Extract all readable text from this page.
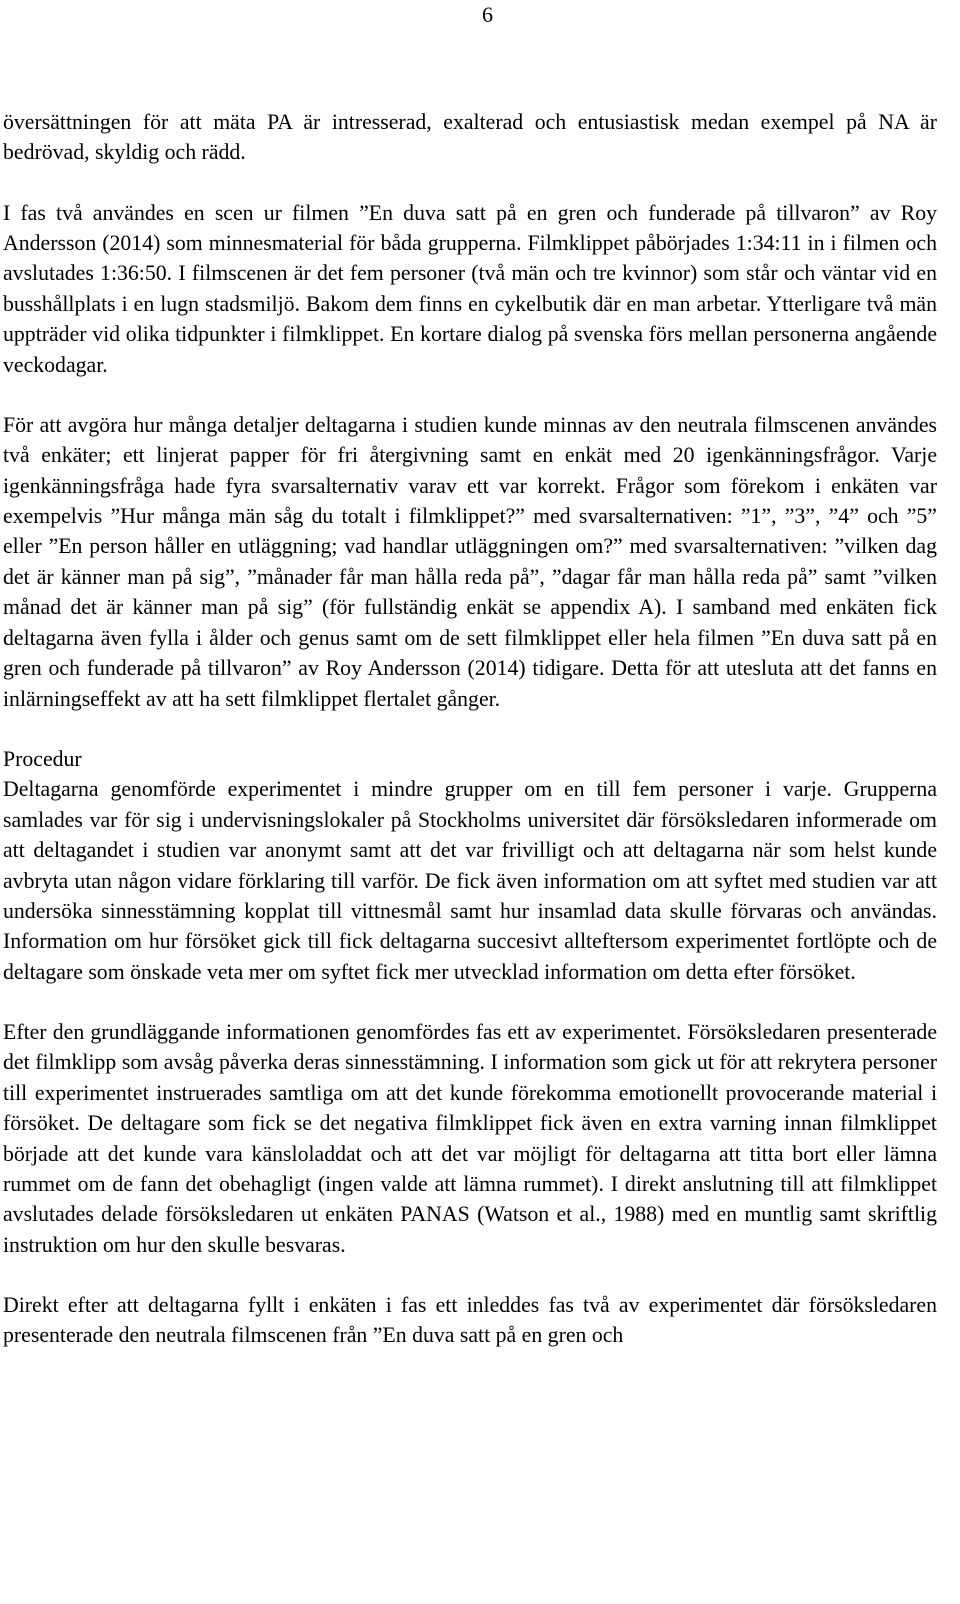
6

översättningen för att mäta PA är intresserad, exalterad och entusiastisk medan exempel på NA är bedrövad, skyldig och rädd.

I fas två användes en scen ur filmen ”En duva satt på en gren och funderade på tillvaron” av Roy Andersson (2014) som minnesmaterial för båda grupperna. Filmklippet påbörjades 1:34:11 in i filmen och avslutades 1:36:50. I filmscenen är det fem personer (två män och tre kvinnor) som står och väntar vid en busshållplats i en lugn stadsmiljö. Bakom dem finns en cykelbutik där en man arbetar. Ytterligare två män uppträder vid olika tidpunkter i filmklippet. En kortare dialog på svenska förs mellan personerna angående veckodagar.

För att avgöra hur många detaljer deltagarna i studien kunde minnas av den neutrala filmscenen användes två enkäter; ett linjerat papper för fri återgivning samt en enkät med 20 igenkänningsfrågor. Varje igenkänningsfråga hade fyra svarsalternativ varav ett var korrekt. Frågor som förekom i enkäten var exempelvis ”Hur många män såg du totalt i filmklippet?” med svarsalternativen: ”1”, ”3”, ”4” och ”5” eller ”En person håller en utläggning; vad handlar utläggningen om?” med svarsalternativen: ”vilken dag det är känner man på sig”, ”månader får man hålla reda på”, ”dagar får man hålla reda på” samt ”vilken månad det är känner man på sig” (för fullständig enkät se appendix A). I samband med enkäten fick deltagarna även fylla i ålder och genus samt om de sett filmklippet eller hela filmen ”En duva satt på en gren och funderade på tillvaron” av Roy Andersson (2014) tidigare. Detta för att utesluta att det fanns en inlärningseffekt av att ha sett filmklippet flertalet gånger.

Procedur

Deltagarna genomförde experimentet i mindre grupper om en till fem personer i varje. Grupperna samlades var för sig i undervisningslokaler på Stockholms universitet där försöksledaren informerade om att deltagandet i studien var anonymt samt att det var frivilligt och att deltagarna när som helst kunde avbryta utan någon vidare förklaring till varför. De fick även information om att syftet med studien var att undersöka sinnesstämning kopplat till vittnesmål samt hur insamlad data skulle förvaras och användas. Information om hur försöket gick till fick deltagarna succesivt allteftersom experimentet fortlöpte och de deltagare som önskade veta mer om syftet fick mer utvecklad information om detta efter försöket.

Efter den grundläggande informationen genomfördes fas ett av experimentet. Försöksledaren presenterade det filmklipp som avsåg påverka deras sinnesstämning. I information som gick ut för att rekrytera personer till experimentet instruerades samtliga om att det kunde förekomma emotionellt provocerande material i försöket. De deltagare som fick se det negativa filmklippet fick även en extra varning innan filmklippet började att det kunde vara känsloladdat och att det var möjligt för deltagarna att titta bort eller lämna rummet om de fann det obehagligt (ingen valde att lämna rummet). I direkt anslutning till att filmklippet avslutades delade försöksledaren ut enkäten PANAS (Watson et al., 1988) med en muntlig samt skriftlig instruktion om hur den skulle besvaras.

Direkt efter att deltagarna fyllt i enkäten i fas ett inleddes fas två av experimentet där försöksledaren presenterade den neutrala filmscenen från ”En duva satt på en gren och
